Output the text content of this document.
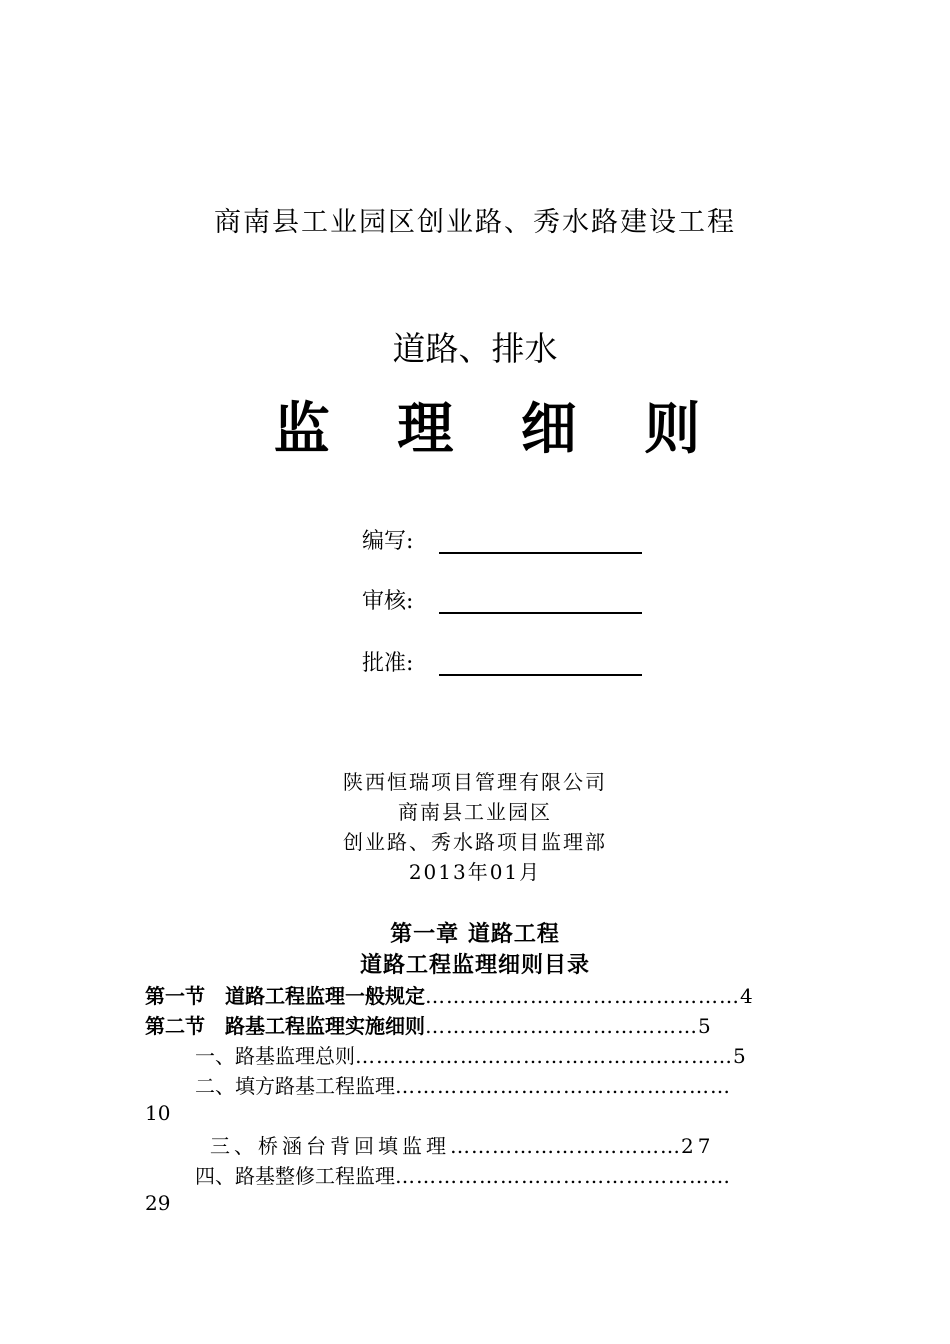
商南县工业园区创业路、秀水路建设工程
道路、排水
监 理 细 则
编写:
审核:
批准:
陕西恒瑞项目管理有限公司
商南县工业园区
创业路、秀水路项目监理部
2013年01月
第一章 道路工程
道路工程监理细则目录
第一节　道路工程监理一般规定………………………………………4
第二节　路基工程监理实施细则…………………………………5
一、路基监理总则………………………………………………5
二、填方路基工程监理…………………………………………
10
三、桥涵台背回填监理……………………………27
四、路基整修工程监理…………………………………………
29
